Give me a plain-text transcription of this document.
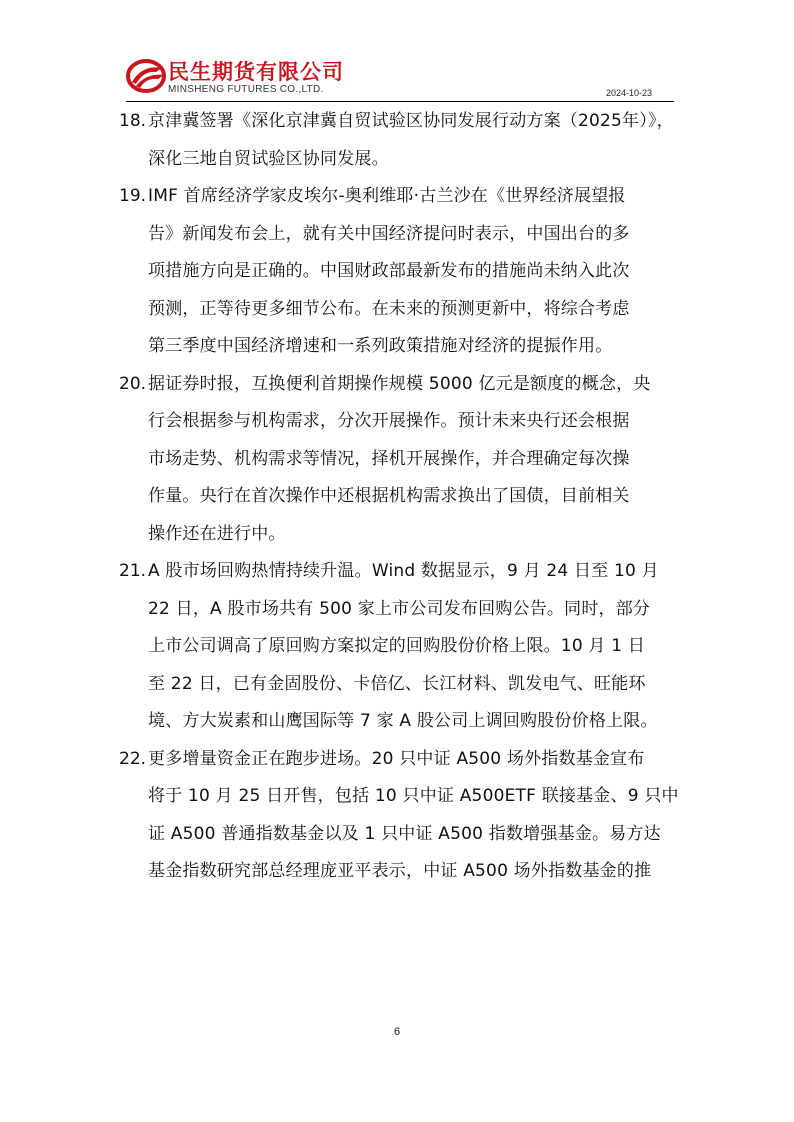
民生期货有限公司
MINSHENG FUTURES CO.,LTD.	2024-10-23
18. 京津冀签署《深化京津冀自贸试验区协同发展行动方案（2025年）》，
深化三地自贸试验区协同发展。
19. IMF 首席经济学家皮埃尔-奥利维耶·古兰沙在《世界经济展望报
告》新闻发布会上，就有关中国经济提问时表示，中国出台的多
项措施方向是正确的。中国财政部最新发布的措施尚未纳入此次
预测，正等待更多细节公布。在未来的预测更新中，将综合考虑
第三季度中国经济增速和一系列政策措施对经济的提振作用。
20. 据证券时报，互换便利首期操作规模 5000 亿元是额度的概念，央
行会根据参与机构需求，分次开展操作。预计未来央行还会根据
市场走势、机构需求等情况，择机开展操作，并合理确定每次操
作量。央行在首次操作中还根据机构需求换出了国债，目前相关
操作还在进行中。
21. A 股市场回购热情持续升温。Wind 数据显示，9 月 24 日至 10 月
22 日，A 股市场共有 500 家上市公司发布回购公告。同时，部分
上市公司调高了原回购方案拟定的回购股份价格上限。10 月 1 日
至 22 日，已有金固股份、卡倍亿、长江材料、凯发电气、旺能环
境、方大炭素和山鹰国际等 7 家 A 股公司上调回购股份价格上限。
22. 更多增量资金正在跑步进场。20 只中证 A500 场外指数基金宣布
将于 10 月 25 日开售，包括 10 只中证 A500ETF 联接基金、9 只中
证 A500 普通指数基金以及 1 只中证 A500 指数增强基金。易方达
基金指数研究部总经理庞亚平表示，中证 A500 场外指数基金的推
6
